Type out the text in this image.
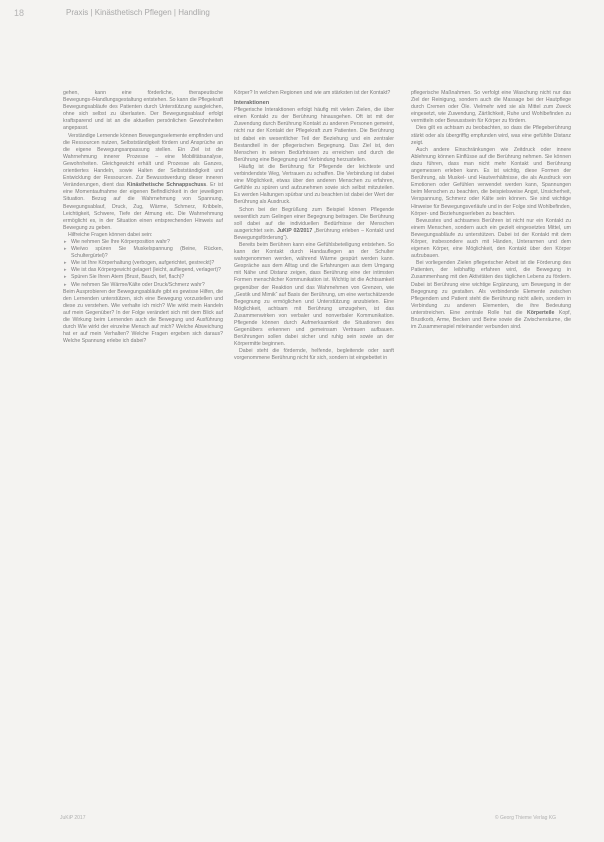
18	Praxis | Kinästhetisch Pflegen | Handling

gehen, kann eine förderliche, therapeutische Bewegungs-/Handlungsgestaltung entstehen. So kann die Pflegekraft Bewegungsabläufe des Patienten durch Unterstützung ausgleichen, ohne sich selbst zu überlasten. Der Bewegungsablauf erfolgt kraftsparend und ist an die aktuellen persönlichen Gewohnheiten angepasst.

Verständige Lernende können Bewegungselemente empfinden und die Ressourcen nutzen, Selbstständigkeit fördern und Ansprüche an die eigene Bewegungsanpassung stellen. Ein Ziel ist die Wahrnehmung innerer Prozesse – eine Mobilitätsanalyse, Gewohnheiten. Gleichgewicht erhält und Prozesse als Ganzes, orientiertes Handeln, sowie Halten der Selbstständigkeit und Entwicklung der Ressourcen. Zur Bewusstwerdung dieser inneren Veränderungen, dient das Kinästhetische Schnappschuss. Er ist eine Momentaufnahme der eigenen Befindlichkeit in der jeweiligen Situation. Bezug auf die Wahrnehmung von Spannung, Bewegungsablauf, Druck, Zug, Wärme, Schmerz, Kribbeln, Leichtigkeit, Schwere, Tiefe der Atmung etc. Die Wahrnehmung ermöglicht es, in der Situation einen entsprechenden Hinweis auf Bewegung zu geben.

Hilfreiche Fragen können dabei sein:

▸ Wie nehmen Sie Ihre Körperposition wahr?
▸ Wie/wo spüren Sie Muskelspannung (Beine, Rücken, Schultergürtel)?
▸ Wie ist Ihre Körperhaltung (verbogen, aufgerichtet, gestreckt)?
▸ Wie ist das Körpergewicht gelagert (leicht, aufliegend, verlagert)?
▸ Spüren Sie Ihren Atem (Brust, Bauch, tief, flach)?
▸ Wie nehmen Sie Wärme/Kälte oder Druck/Schmerz wahr?

Beim Ausprobieren der Bewegungsabläufe gibt es gewisse Hilfen, die den Lernenden unterstützen, sich eine Bewegung vorzustellen und diese zu verstehen. Wie verhalte ich mich? Wie wirkt mein Handeln auf mein Gegenüber? In der Folge verändert sich mit dem Blick auf die Wirkung beim Lernenden auch die Bewegung und Ausführung durch Wie wirkt der einzelne Mensch auf mich? Welche Abweichung hat er auf mein Verhalten? Welche Fragen ergeben sich daraus? Welche Spannung erlebe ich dabei?

Körper? In welchen Regionen und wie am stärksten ist der Kontakt?

Interaktionen

Pflegerische Interaktionen erfolgt häufig mit vielen Zielen, die über einen Kontakt zu der Berührung hinausgehen. Oft ist mit der Zuwendung durch Berührung Kontakt zu anderen Personen gemeint, nicht nur der Kontakt der Pflegekraft zum Patienten. Die Berührung ist dabei ein wesentlicher Teil der Beziehung und ein zentraler Bestandteil in der pflegerischen Begegnung. Das Ziel ist, den Menschen in seinen Bedürfnissen zu erreichen und durch die Berührung eine Begegnung und Verbindung herzustellen.

Häufig ist die Berührung für Pflegende der leichteste und verbindendste Weg, Vertrauen zu schaffen. Die Verbindung ist dabei eine Möglichkeit, etwas über den anderen Menschen zu erfahren, Gefühle zu spüren und aufzunehmen sowie sich selbst mitzuteilen. Es werden Haltungen spürbar und zu beachten ist dabei der Wert der Berührung als Ausdruck.

Schon bei der Begrüßung zum Beispiel können Pflegende wesentlich zum Gelingen einer Begegnung beitragen. Die Berührung soll dabei auf die individuellen Bedürfnisse der Menschen ausgerichtet sein. JuKiP 02/2017 „Berührung erleben – Kontakt und Bewegungsförderung“).

Bereits beim Berühren kann eine Gefühlsbeteiligung entstehen. So kann der Kontakt durch Handauflegen an der Schulter wahrgenommen werden, während Wärme gespürt werden kann. Gespräche aus dem Alltag und die Erfahrungen aus dem Umgang mit Nähe und Distanz zeigen, dass Berührung eine der intimsten Formen menschlicher Kommunikation ist. Wichtig ist die Achtsamkeit gegenüber der Reaktion und das Wahrnehmen von Grenzen, wie „Gestik und Mimik“ auf Basis der Berührung, um eine wertschätzende Begegnung zu ermöglichen und Unterstützung anzubieten. Eine Möglichkeit, achtsam mit Berührung umzugehen, ist das Zusammenwirken von verbaler und nonverbaler Kommunikation. Pflegende können durch Aufmerksamkeit die Situationen des Gegenübers erkennen und gemeinsam Vertrauen aufbauen. Berührungen sollen dabei sicher und ruhig sein sowie an der Körpermitte beginnen.

Dabei steht die fördernde, helfende, begleitende oder sanft vorgenommene Berührung nicht für sich, sondern ist eingebettet in

pflegerische Maßnahmen. So verfolgt eine Waschung nicht nur das Ziel der Reinigung, sondern auch die Massage bei der Hautpflege durch Cremen oder Öle. Vielmehr wird sie als Mittel zum Zweck eingesetzt, wie Zuwendung, Zärtlichkeit, Ruhe und Wohlbefinden zu vermitteln oder Bewusstsein für Körper zu fördern.

Dies gilt es achtsam zu beobachten, so dass die Pflegeberührung stärkt oder als übergriffig empfunden wird, was eine gefühlte Distanz zeigt.

Auch andere Einschränkungen wie Zeitdruck oder innere Ablehnung können Einflüsse auf die Berührung nehmen. Sie können dazu führen, dass man nicht mehr Kontakt und Berührung angemessen erleben kann. Es ist wichtig, diese Formen der Berührung, als Muskel- und Hautverhältnisse, die als Ausdruck von Emotionen oder Gefühlen verwendet werden kann, Spannungen beim Menschen zu beachten, die beispielsweise Angst, Unsicherheit, Verspannung, Schmerz oder Kälte sein können. Sie sind wichtige Hinweise für Bewegungsverläufe und in der Folge sind Wohlbefinden, Körper- und Beziehungserleben zu beachten.

Bewusstes und achtsames Berühren ist nicht nur ein Kontakt zu einem Menschen, sondern auch ein gezielt eingesetztes Mittel, um Bewegungsabläufe zu unterstützen. Dabei ist der Kontakt mit dem Körper, insbesondere auch mit Händen, Unterarmen und dem eigenen Körper, eine Möglichkeit, den Kontakt über den Körper aufzubauen.

Bei vorliegenden Zielen pflegerischer Arbeit ist die Förderung des Patienten, der leibhaftig erfahren wird, die Bewegung in Zusammenhang mit den Aktivitäten des täglichen Lebens zu fördern. Dabei ist Berührung eine wichtige Ergänzung, um Bewegung in der Begegnung zu gestalten. Als verbindende Elemente zwischen Pflegendem und Patient steht die Berührung nicht allein, sondern in Verbindung zu anderen Elementen, die ihre Bedeutung unterstreichen. Eine zentrale Rolle hat die Körperteile Kopf, Brustkorb, Arme, Becken und Beine sowie die Zwischenräume, die im Zusammenspiel miteinander verbunden sind.

JuKiP 2017	© Georg Thieme Verlag KG
